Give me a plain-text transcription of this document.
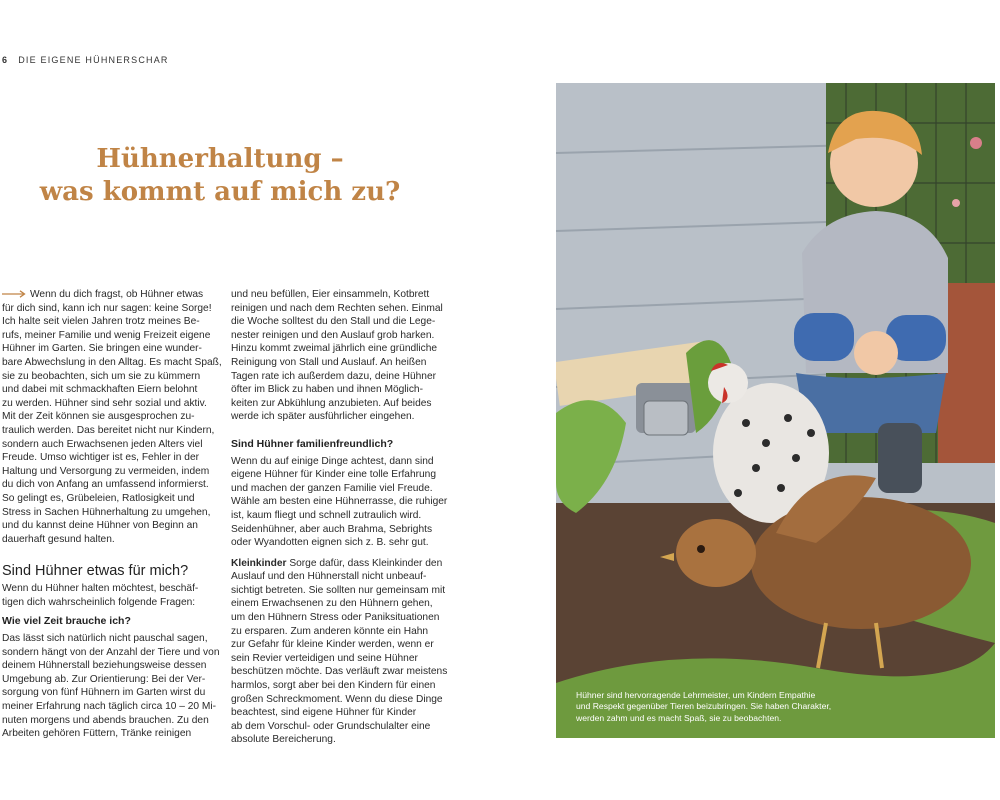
6 DIE EIGENE HÜHNERSCHAR
Hühnerhaltung –
was kommt auf mich zu?

Wenn du dich fragst, ob Hühner etwas
für dich sind, kann ich nur sagen: keine Sorge!
Ich halte seit vielen Jahren trotz meines Be-
rufs, meiner Familie und wenig Freizeit eigene
Hühner im Garten. Sie bringen eine wunder-
bare Abwechslung in den Alltag. Es macht Spaß,
sie zu beobachten, sich um sie zu kümmern
und dabei mit schmackhaften Eiern belohnt
zu werden. Hühner sind sehr sozial und aktiv.
Mit der Zeit können sie ausgesprochen zu-
traulich werden. Das bereitet nicht nur Kindern,
sondern auch Erwachsenen jeden Alters viel
Freude. Umso wichtiger ist es, Fehler in der
Haltung und Versorgung zu vermeiden, indem
du dich von Anfang an umfassend informierst.
So gelingt es, Grübeleien, Ratlosigkeit und
Stress in Sachen Hühnerhaltung zu umgehen,
und du kannst deine Hühner von Beginn an
dauerhaft gesund halten.

Sind Hühner etwas für mich?

Wenn du Hühner halten möchtest, beschäf-
tigen dich wahrscheinlich folgende Fragen:

Wie viel Zeit brauche ich?

Das lässt sich natürlich nicht pauschal sagen,
sondern hängt von der Anzahl der Tiere und von
deinem Hühnerstall beziehungsweise dessen
Umgebung ab. Zur Orientierung: Bei der Ver-
sorgung von fünf Hühnern im Garten wirst du
meiner Erfahrung nach täglich circa 10 – 20 Mi-
nuten morgens und abends brauchen. Zu den
Arbeiten gehören Füttern, Tränke reinigen

und neu befüllen, Eier einsammeln, Kotbrett
reinigen und nach dem Rechten sehen. Einmal
die Woche solltest du den Stall und die Lege-
nester reinigen und den Auslauf grob harken.
Hinzu kommt zweimal jährlich eine gründliche
Reinigung von Stall und Auslauf. An heißen
Tagen rate ich außerdem dazu, deine Hühner
öfter im Blick zu haben und ihnen Möglich-
keiten zur Abkühlung anzubieten. Auf beides
werde ich später ausführlicher eingehen.

Sind Hühner familienfreundlich?

Wenn du auf einige Dinge achtest, dann sind
eigene Hühner für Kinder eine tolle Erfahrung
und machen der ganzen Familie viel Freude.
Wähle am besten eine Hühnerrasse, die ruhiger
ist, kaum fliegt und schnell zutraulich wird.
Seidenhühner, aber auch Brahma, Sebrights
oder Wyandotten eignen sich z. B. sehr gut.

Kleinkinder Sorge dafür, dass Kleinkinder den
Auslauf und den Hühnerstall nicht unbeauf-
sichtigt betreten. Sie sollten nur gemeinsam mit
einem Erwachsenen zu den Hühnern gehen,
um den Hühnern Stress oder Paniksituationen
zu ersparen. Zum anderen könnte ein Hahn
zur Gefahr für kleine Kinder werden, wenn er
sein Revier verteidigen und seine Hühner
beschützen möchte. Das verläuft zwar meistens
harmlos, sorgt aber bei den Kindern für einen
großen Schreckmoment. Wenn du diese Dinge
beachtest, sind eigene Hühner für Kinder
ab dem Vorschul- oder Grundschulalter eine
absolute Bereicherung.

Hühner sind hervorragende Lehrmeister, um Kindern Empathie
und Respekt gegenüber Tieren beizubringen. Sie haben Charakter,
werden zahm und es macht Spaß, sie zu beobachten.
